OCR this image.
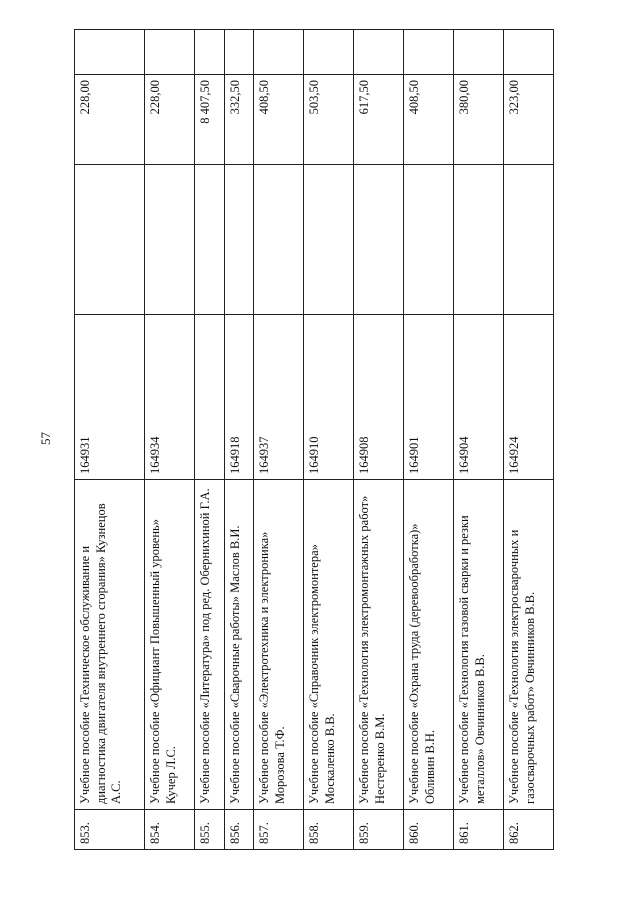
57
853.	Учебное пособие «Техническое обслуживание и диагностика двигателя внутреннего сгорания» Кузнецов А.С.	164931		228,00	
854.	Учебное пособие «Официант Повышенный уровень» Кучер Л.С.	164934		228,00	
855.	Учебное пособие «Литература» под ред. Обернихиной Г.А.			8 407,50	
856.	Учебное пособие «Сварочные работы» Маслов В.И.	164918		332,50	
857.	Учебное пособие «Электротехника и электроника» Морозова Т.Ф.	164937		408,50	
858.	Учебное пособие «Справочник электромонтера» Москаленко В.В.	164910		503,50	
859.	Учебное пособие «Технология электромонтажных работ» Нестеренко В.М.	164908		617,50	
860.	Учебное пособие «Охрана труда (деревообработка)» Обливин В.Н.	164901		408,50	
861.	Учебное пособие «Технология газовой сварки и резки металлов» Овчинников В.В.	164904		380,00	
862.	Учебное пособие «Технология электросварочных и газосварочных работ» Овчинников В.В.	164924		323,00	
